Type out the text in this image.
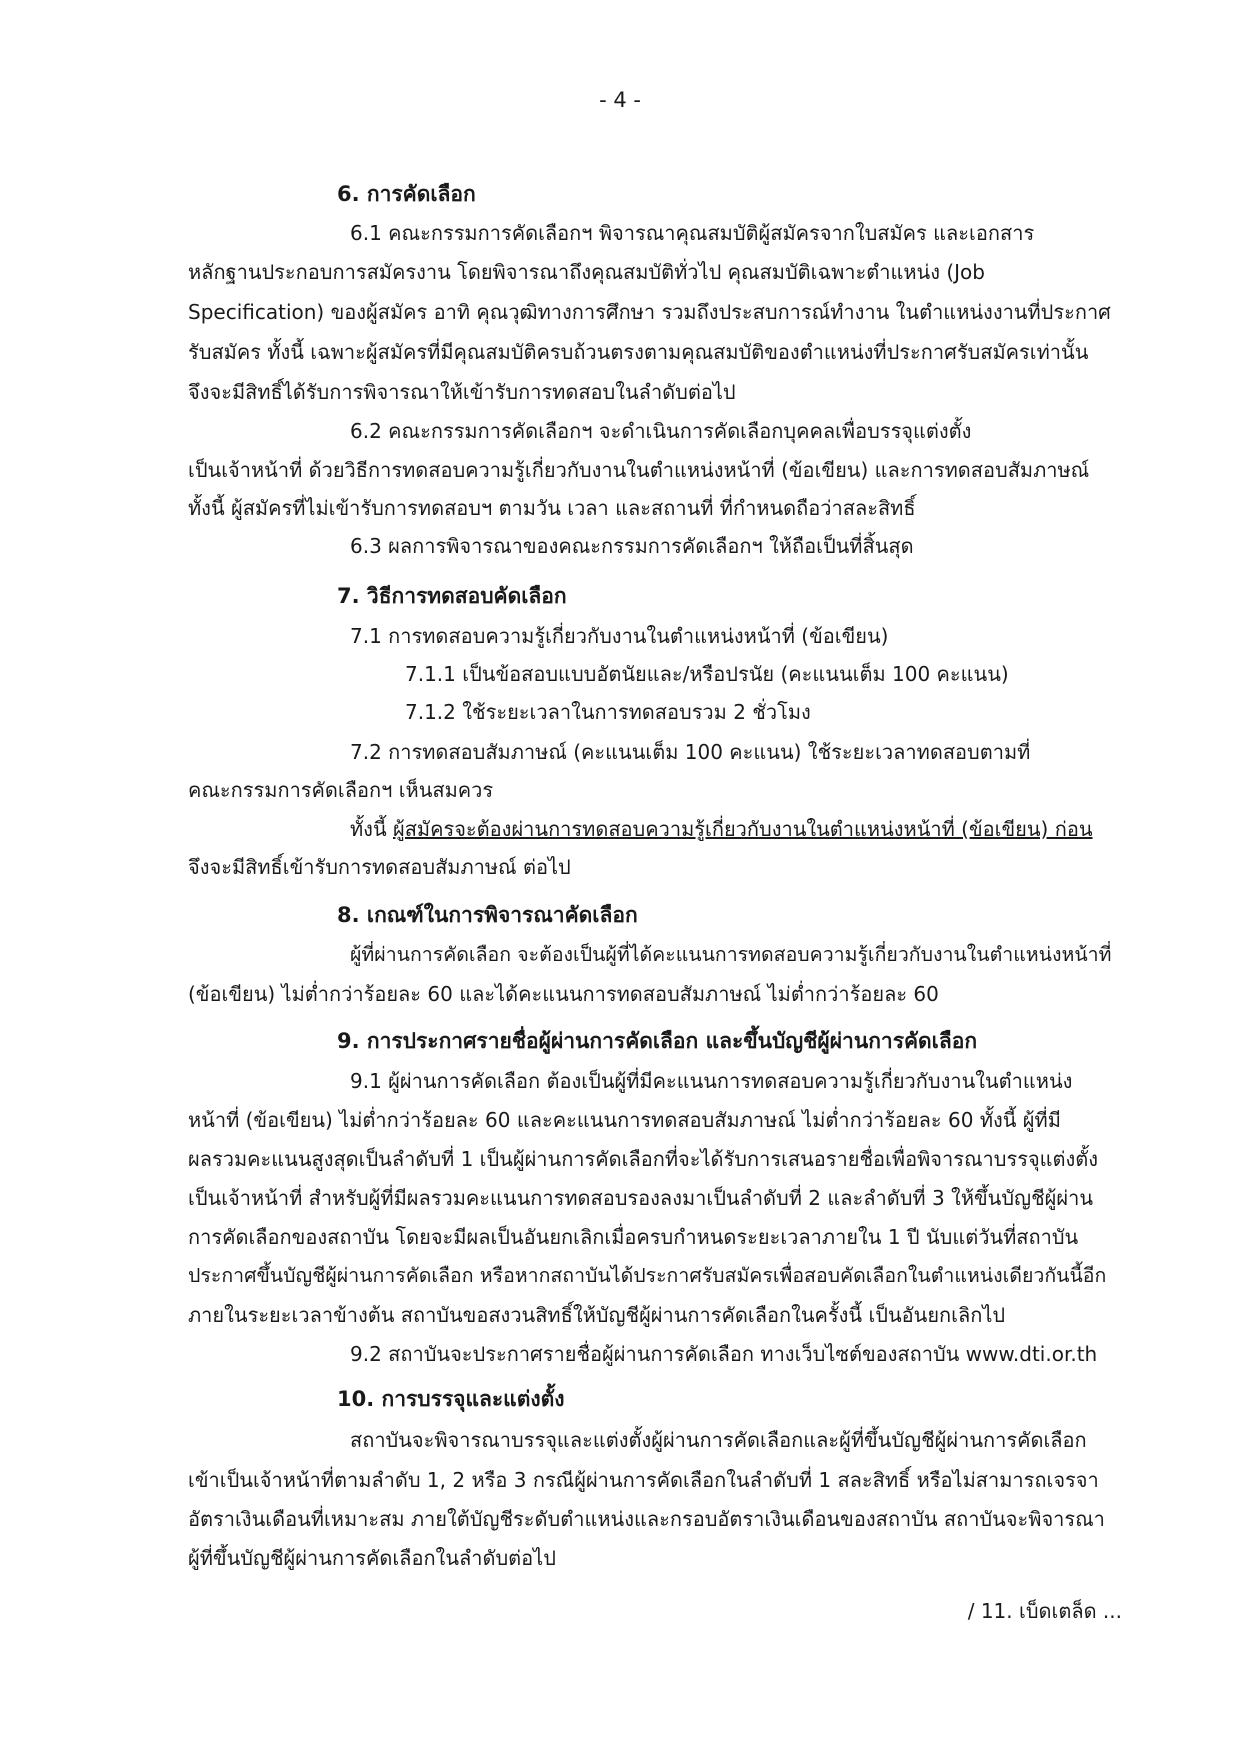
- 4 -
6. การคัดเลือก
6.1 คณะกรรมการคัดเลือกฯ พิจารณาคุณสมบัติผู้สมัครจากใบสมัคร และเอกสาร
หลักฐานประกอบการสมัครงาน โดยพิจารณาถึงคุณสมบัติทั่วไป คุณสมบัติเฉพาะตำแหน่ง (Job
Specification) ของผู้สมัคร อาทิ คุณวุฒิทางการศึกษา รวมถึงประสบการณ์ทำงาน ในตำแหน่งงานที่ประกาศ
รับสมัคร ทั้งนี้ เฉพาะผู้สมัครที่มีคุณสมบัติครบถ้วนตรงตามคุณสมบัติของตำแหน่งที่ประกาศรับสมัครเท่านั้น
จึงจะมีสิทธิ์ได้รับการพิจารณาให้เข้ารับการทดสอบในลำดับต่อไป
6.2 คณะกรรมการคัดเลือกฯ จะดำเนินการคัดเลือกบุคคลเพื่อบรรจุแต่งตั้ง
เป็นเจ้าหน้าที่ ด้วยวิธีการทดสอบความรู้เกี่ยวกับงานในตำแหน่งหน้าที่ (ข้อเขียน) และการทดสอบสัมภาษณ์
ทั้งนี้ ผู้สมัครที่ไม่เข้ารับการทดสอบฯ ตามวัน เวลา และสถานที่ ที่กำหนดถือว่าสละสิทธิ์
6.3 ผลการพิจารณาของคณะกรรมการคัดเลือกฯ ให้ถือเป็นที่สิ้นสุด
7. วิธีการทดสอบคัดเลือก
7.1 การทดสอบความรู้เกี่ยวกับงานในตำแหน่งหน้าที่ (ข้อเขียน)
7.1.1 เป็นข้อสอบแบบอัตนัยและ/หรือปรนัย (คะแนนเต็ม 100 คะแนน)
7.1.2 ใช้ระยะเวลาในการทดสอบรวม 2 ชั่วโมง
7.2 การทดสอบสัมภาษณ์ (คะแนนเต็ม 100 คะแนน) ใช้ระยะเวลาทดสอบตามที่
คณะกรรมการคัดเลือกฯ เห็นสมควร
ทั้งนี้ ผู้สมัครจะต้องผ่านการทดสอบความรู้เกี่ยวกับงานในตำแหน่งหน้าที่ (ข้อเขียน) ก่อน
จึงจะมีสิทธิ์เข้ารับการทดสอบสัมภาษณ์ ต่อไป
8. เกณฑ์ในการพิจารณาคัดเลือก
ผู้ที่ผ่านการคัดเลือก จะต้องเป็นผู้ที่ได้คะแนนการทดสอบความรู้เกี่ยวกับงานในตำแหน่งหน้าที่
(ข้อเขียน) ไม่ต่ำกว่าร้อยละ 60 และได้คะแนนการทดสอบสัมภาษณ์ ไม่ต่ำกว่าร้อยละ 60
9. การประกาศรายชื่อผู้ผ่านการคัดเลือก และขึ้นบัญชีผู้ผ่านการคัดเลือก
9.1 ผู้ผ่านการคัดเลือก ต้องเป็นผู้ที่มีคะแนนการทดสอบความรู้เกี่ยวกับงานในตำแหน่ง
หน้าที่ (ข้อเขียน) ไม่ต่ำกว่าร้อยละ 60 และคะแนนการทดสอบสัมภาษณ์ ไม่ต่ำกว่าร้อยละ 60 ทั้งนี้ ผู้ที่มี
ผลรวมคะแนนสูงสุดเป็นลำดับที่ 1 เป็นผู้ผ่านการคัดเลือกที่จะได้รับการเสนอรายชื่อเพื่อพิจารณาบรรจุแต่งตั้ง
เป็นเจ้าหน้าที่ สำหรับผู้ที่มีผลรวมคะแนนการทดสอบรองลงมาเป็นลำดับที่ 2 และลำดับที่ 3 ให้ขึ้นบัญชีผู้ผ่าน
การคัดเลือกของสถาบัน โดยจะมีผลเป็นอันยกเลิกเมื่อครบกำหนดระยะเวลาภายใน 1 ปี นับแต่วันที่สถาบัน
ประกาศขึ้นบัญชีผู้ผ่านการคัดเลือก หรือหากสถาบันได้ประกาศรับสมัครเพื่อสอบคัดเลือกในตำแหน่งเดียวกันนี้อีก
ภายในระยะเวลาข้างต้น สถาบันขอสงวนสิทธิ์ให้บัญชีผู้ผ่านการคัดเลือกในครั้งนี้ เป็นอันยกเลิกไป
9.2 สถาบันจะประกาศรายชื่อผู้ผ่านการคัดเลือก ทางเว็บไซต์ของสถาบัน www.dti.or.th
10. การบรรจุและแต่งตั้ง
สถาบันจะพิจารณาบรรจุและแต่งตั้งผู้ผ่านการคัดเลือกและผู้ที่ขึ้นบัญชีผู้ผ่านการคัดเลือก
เข้าเป็นเจ้าหน้าที่ตามลำดับ 1, 2 หรือ 3 กรณีผู้ผ่านการคัดเลือกในลำดับที่ 1 สละสิทธิ์ หรือไม่สามารถเจรจา
อัตราเงินเดือนที่เหมาะสม ภายใต้บัญชีระดับตำแหน่งและกรอบอัตราเงินเดือนของสถาบัน สถาบันจะพิจารณา
ผู้ที่ขึ้นบัญชีผู้ผ่านการคัดเลือกในลำดับต่อไป
/ 11. เบ็ดเตล็ด ...
